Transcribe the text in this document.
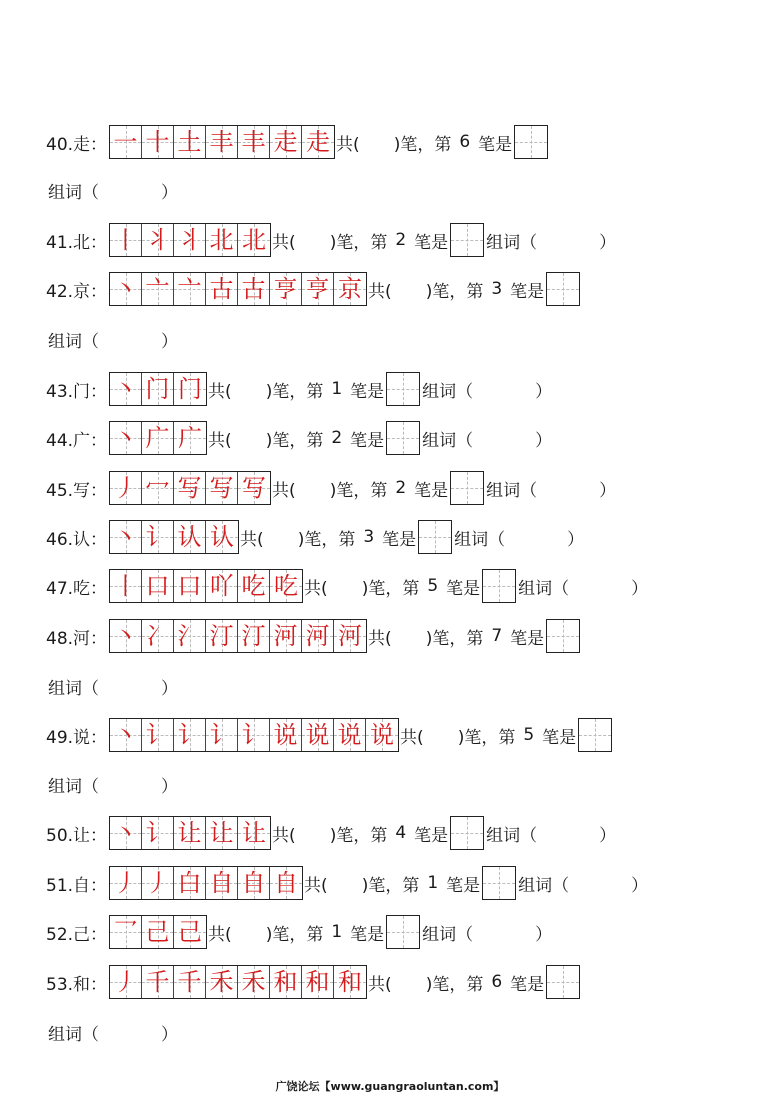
40.走： 一 十 土 丰 丰 走 走 共( )笔，第 6 笔是
组词（	）
41.北： 丨 丬 丬 北 北 共( )笔，第 2 笔是 组词（	）
42.京： 丶 亠 亠 古 古 亨 亨 京 共( )笔，第 3 笔是
组词（	）
43.门： 丶 门 门 共( )笔，第 1 笔是 组词（	）
44.广： 丶 广 广 共( )笔，第 2 笔是 组词（	）
45.写： 丿 冖 写 写 写 共( )笔，第 2 笔是 组词（	）
46.认： 丶 讠 认 认 共( )笔，第 3 笔是 组词（	）
47.吃： 丨 口 口 吖 吃 吃 共( )笔，第 5 笔是 组词（	）
48.河： 丶 冫 氵 汀 汀 河 河 河 共( )笔，第 7 笔是
组词（	）
49.说： 丶 讠 讠 讠 讠 说 说 说 说 共( )笔，第 5 笔是
组词（	）
50.让： 丶 讠 让 让 让 共( )笔，第 4 笔是 组词（	）
51.自： 丿 丿 白 自 自 自 共( )笔，第 1 笔是 组词（	）
52.己： 乛 己 己 共( )笔，第 1 笔是 组词（	）
53.和： 丿 千 千 禾 禾 和 和 和 共( )笔，第 6 笔是
组词（	）
广饶论坛【www.guangraoluntan.com】
